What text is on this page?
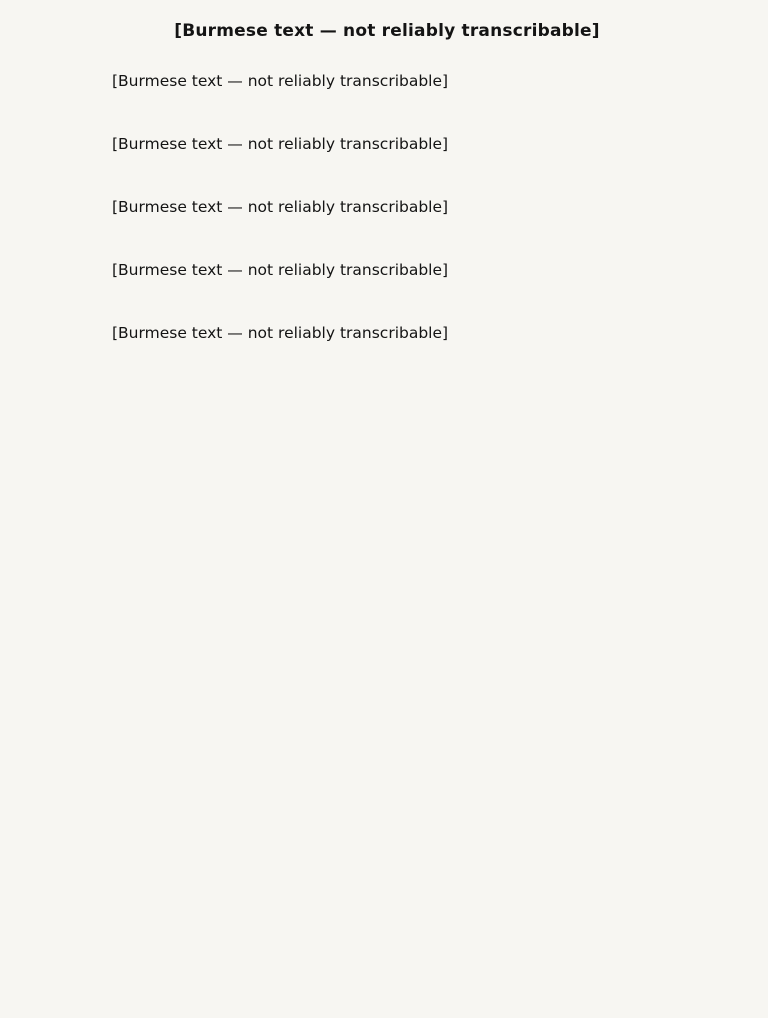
[Burmese text — not reliably transcribable]

[Burmese text — not reliably transcribable]

[Burmese text — not reliably transcribable]

[Burmese text — not reliably transcribable]

[Burmese text — not reliably transcribable]

[Burmese text — not reliably transcribable]
